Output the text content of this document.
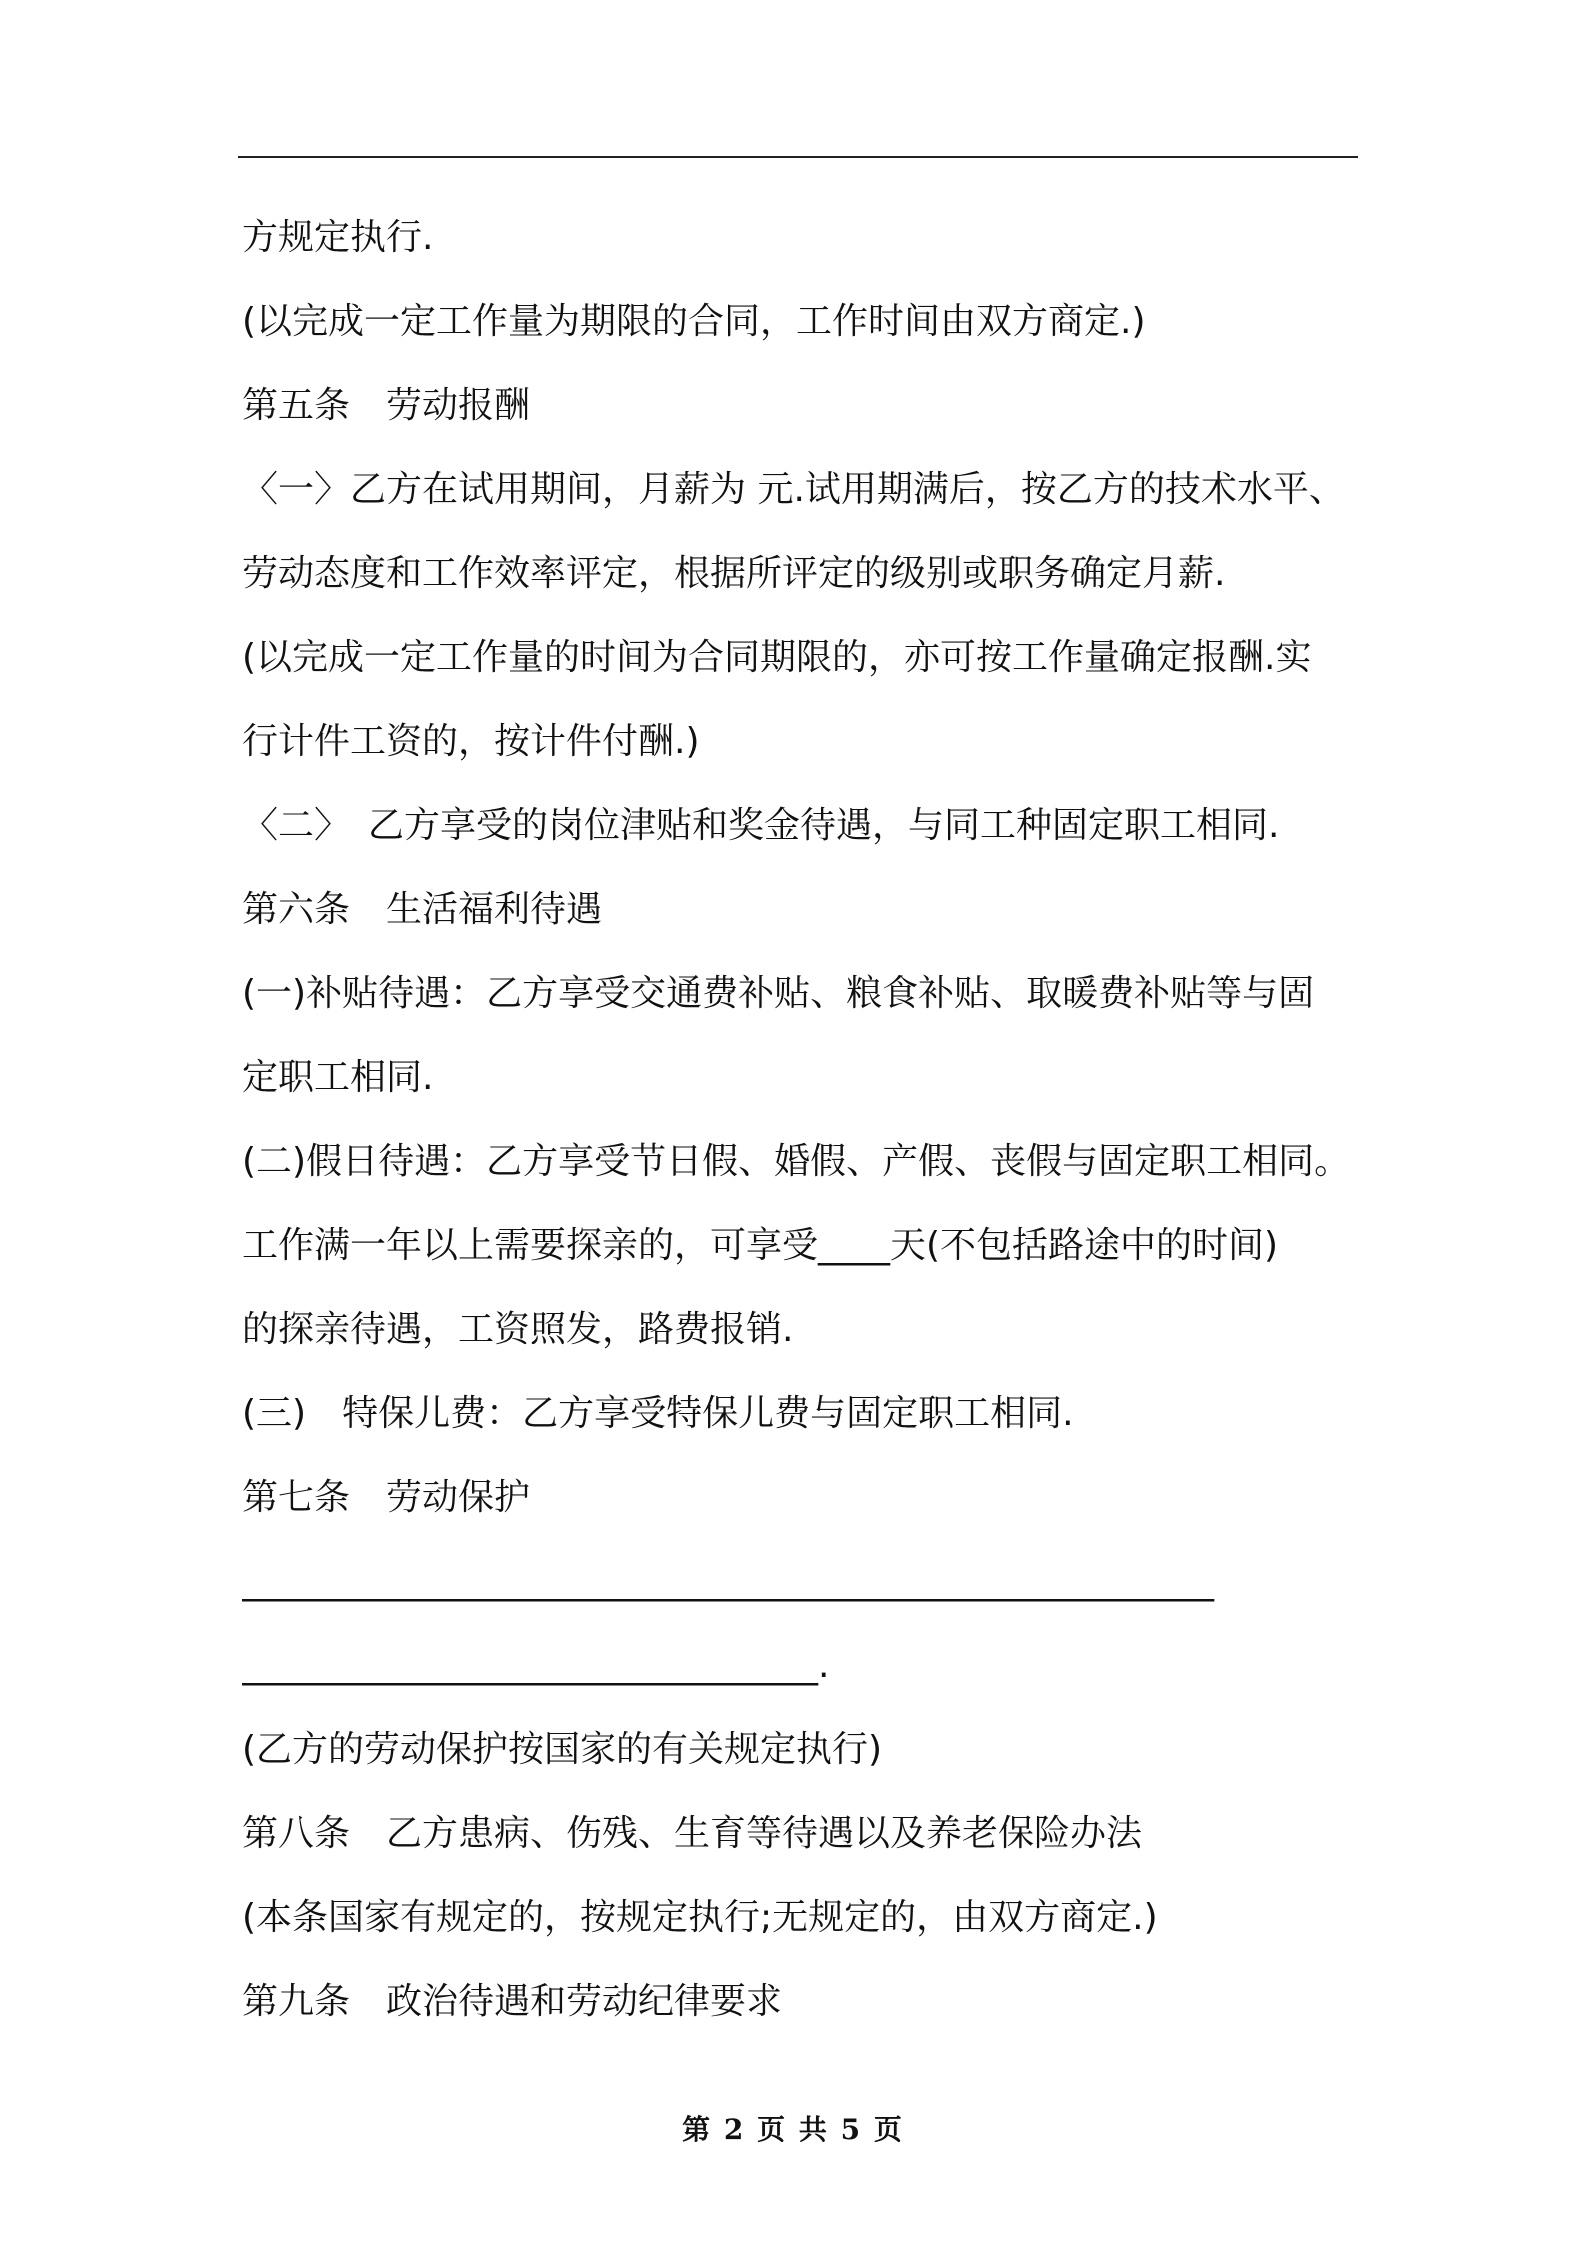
方规定执行.
(以完成一定工作量为期限的合同，工作时间由双方商定.)
第五条　劳动报酬
〈一〉乙方在试用期间，月薪为 元.试用期满后，按乙方的技术水平、
劳动态度和工作效率评定，根据所评定的级别或职务确定月薪.
(以完成一定工作量的时间为合同期限的，亦可按工作量确定报酬.实
行计件工资的，按计件付酬.)
〈二〉　乙方享受的岗位津贴和奖金待遇，与同工种固定职工相同.
第六条　生活福利待遇
(一)补贴待遇：乙方享受交通费补贴、粮食补贴、取暖费补贴等与固
定职工相同.
(二)假日待遇：乙方享受节日假、婚假、产假、丧假与固定职工相同。
工作满一年以上需要探亲的，可享受____天(不包括路途中的时间)
的探亲待遇，工资照发，路费报销.
(三)　特保儿费：乙方享受特保儿费与固定职工相同.
第七条　劳动保护
______________________________________________________
________________________________.
(乙方的劳动保护按国家的有关规定执行)
第八条　乙方患病、伤残、生育等待遇以及养老保险办法
(本条国家有规定的，按规定执行;无规定的，由双方商定.)
第九条　政治待遇和劳动纪律要求
第 2 页 共 5 页
